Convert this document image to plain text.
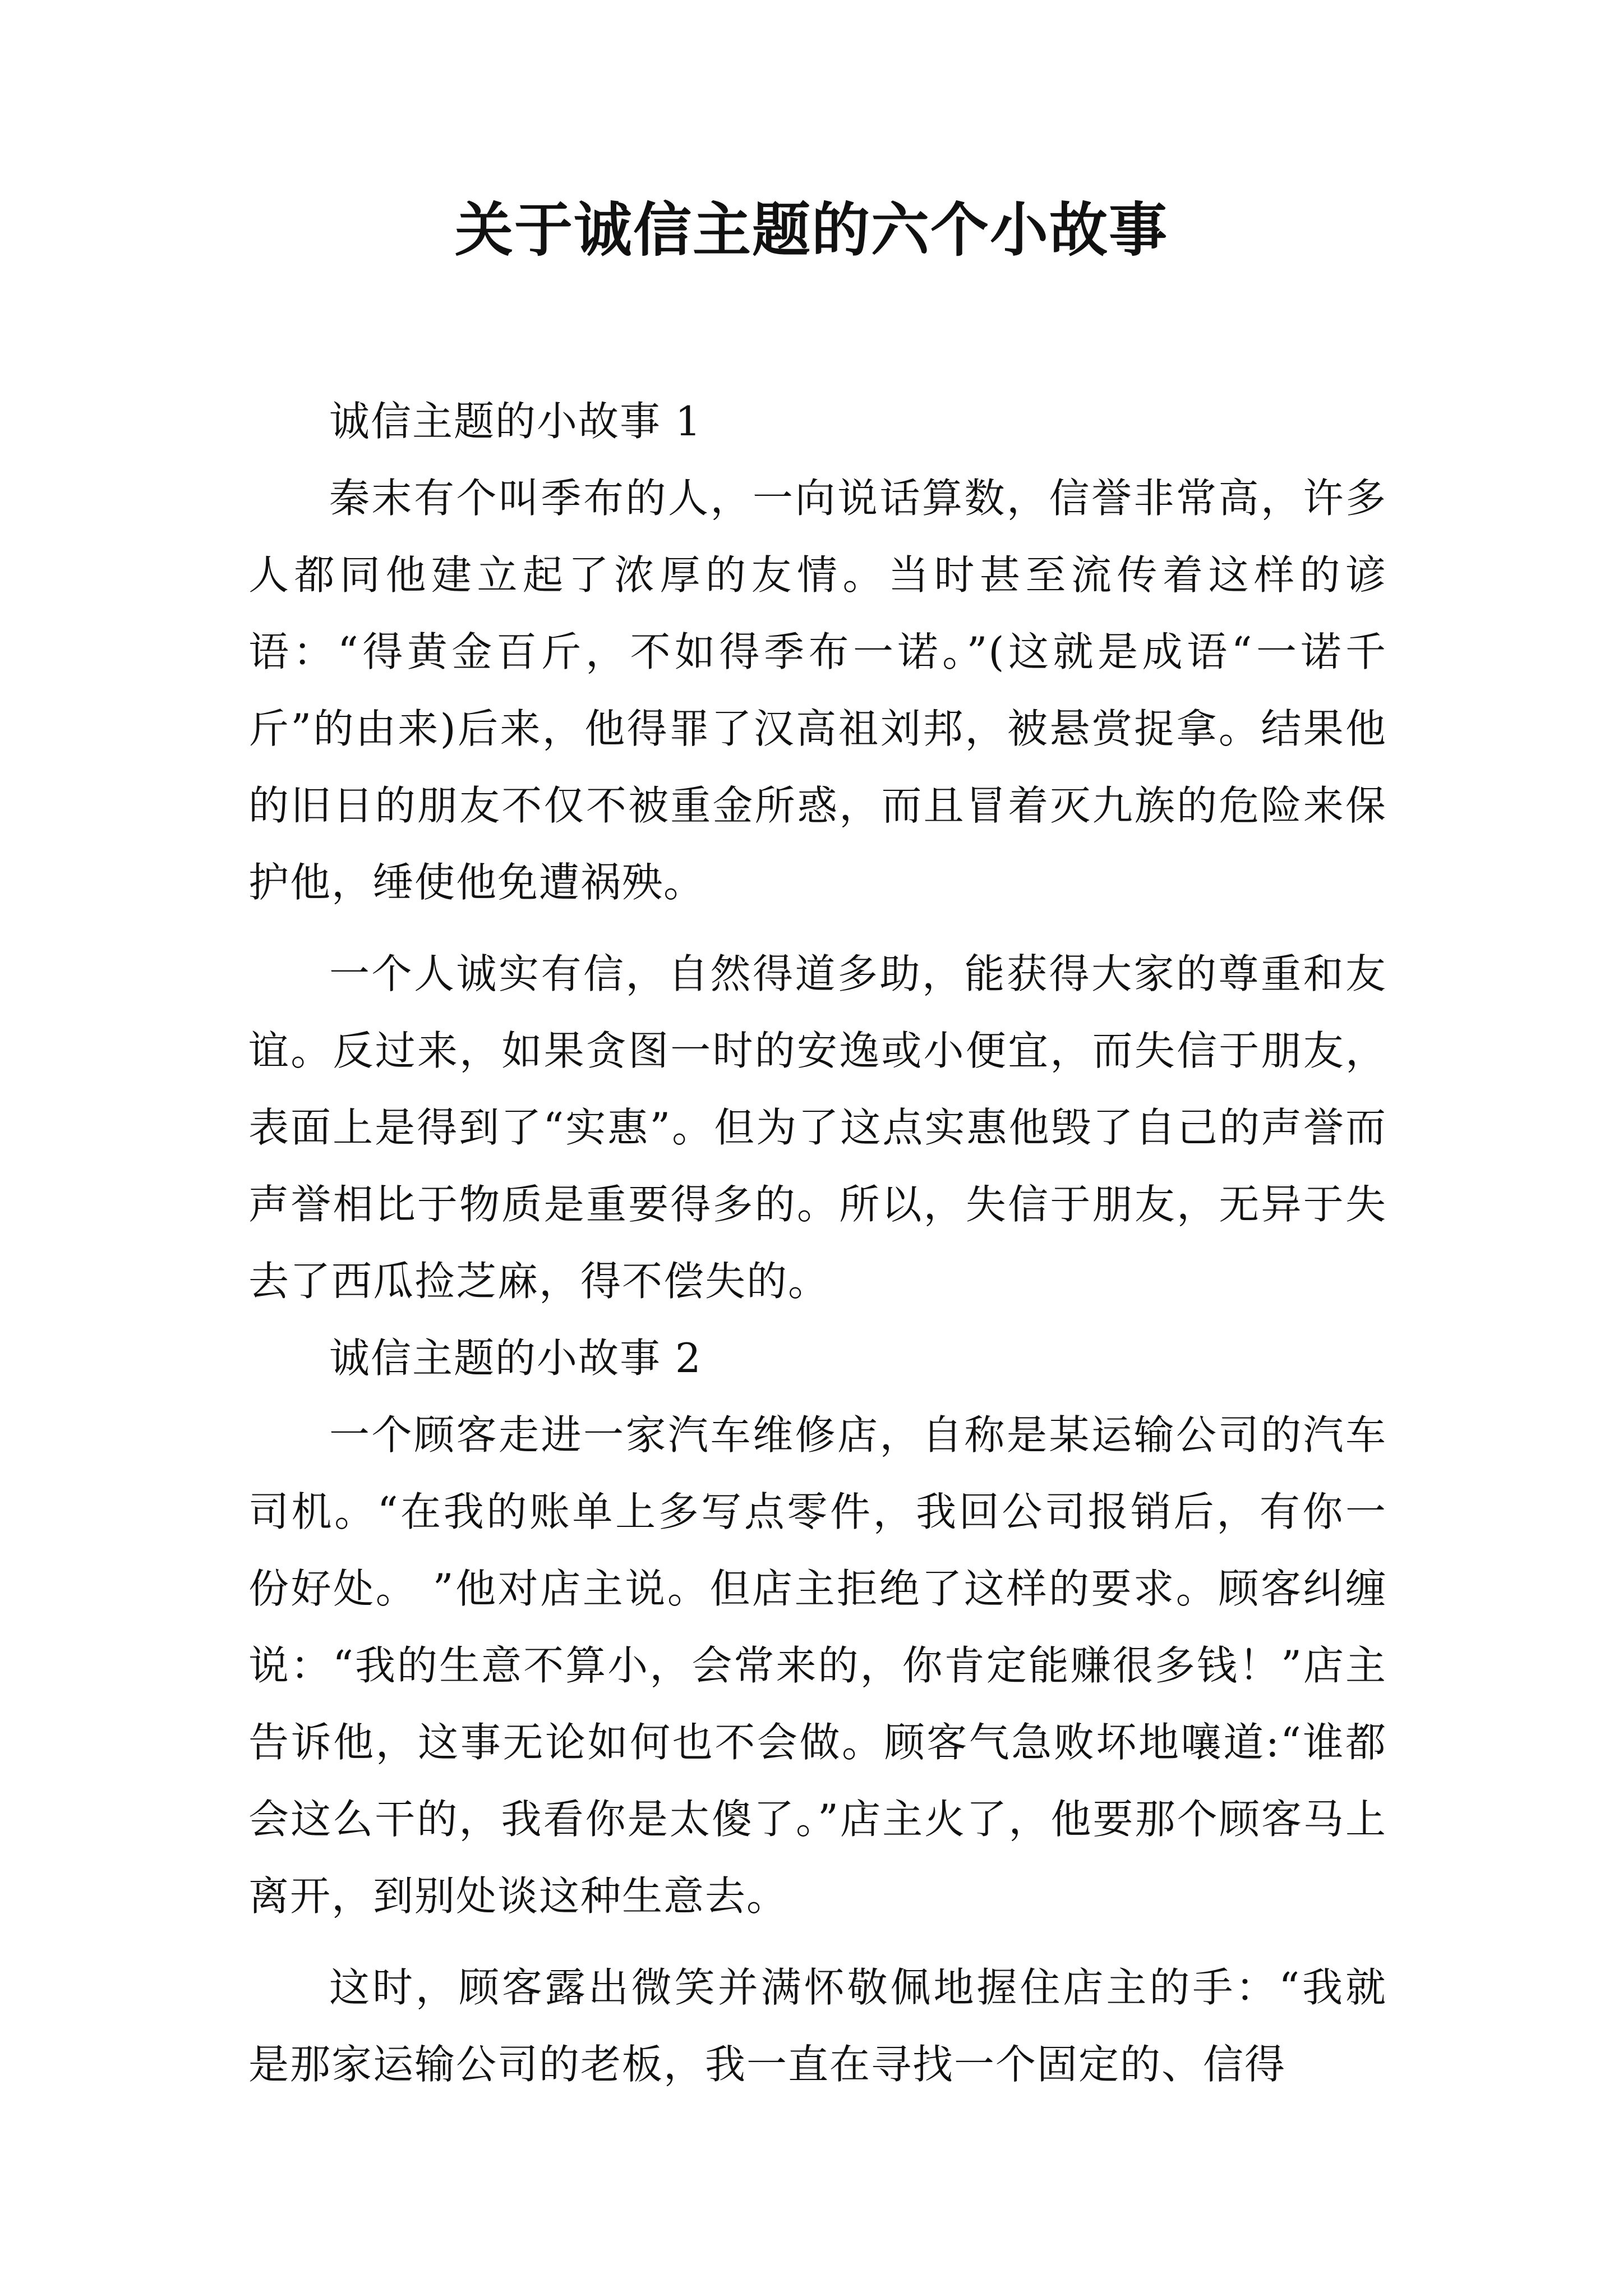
关于诚信主题的六个小故事

诚信主题的小故事 1

秦末有个叫季布的人，一向说话算数，信誉非常高，许多人都同他建立起了浓厚的友情。当时甚至流传着这样的谚语：“得黄金百斤，不如得季布一诺。”(这就是成语“一诺千斤”的由来)后来，他得罪了汉高祖刘邦，被悬赏捉拿。结果他的旧日的朋友不仅不被重金所惑，而且冒着灭九族的危险来保护他，缍使他免遭祸殃。

一个人诚实有信，自然得道多助，能获得大家的尊重和友谊。反过来，如果贪图一时的安逸或小便宜，而失信于朋友，表面上是得到了“实惠”。但为了这点实惠他毁了自己的声誉而声誉相比于物质是重要得多的。所以，失信于朋友，无异于失去了西瓜捡芝麻，得不偿失的。

诚信主题的小故事 2

一个顾客走进一家汽车维修店，自称是某运输公司的汽车司机。“在我的账单上多写点零件，我回公司报销后，有你一份好处。 ”他对店主说。但店主拒绝了这样的要求。顾客纠缠说：“我的生意不算小，会常来的，你肯定能赚很多钱！”店主告诉他，这事无论如何也不会做。顾客气急败坏地嚷道:“谁都会这么干的，我看你是太傻了。”店主火了，他要那个顾客马上离开，到别处谈这种生意去。

这时，顾客露出微笑并满怀敬佩地握住店主的手：“我就是那家运输公司的老板，我一直在寻找一个固定的、信得
